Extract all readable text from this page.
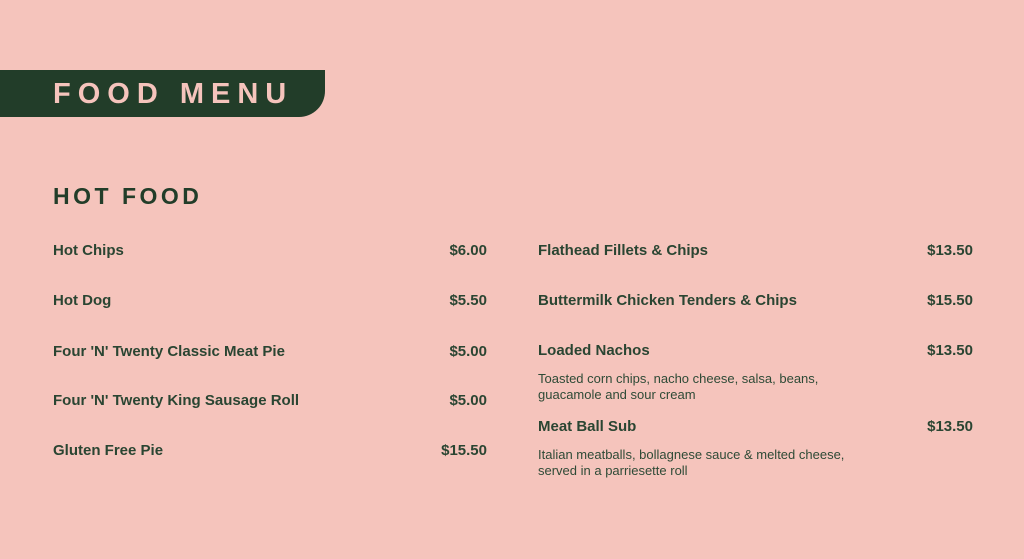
FOOD MENU
HOT FOOD
Hot Chips	$6.00
Hot Dog	$5.50
Four 'N' Twenty Classic Meat Pie	$5.00
Four 'N' Twenty King Sausage Roll	$5.00
Gluten Free Pie	$15.50
Flathead Fillets & Chips	$13.50
Buttermilk Chicken Tenders & Chips	$15.50
Loaded Nachos	$13.50
Toasted corn chips, nacho cheese, salsa, beans, guacamole and sour cream
Meat Ball Sub	$13.50
Italian meatballs, bollagnese sauce & melted cheese, served in a parriesette roll
